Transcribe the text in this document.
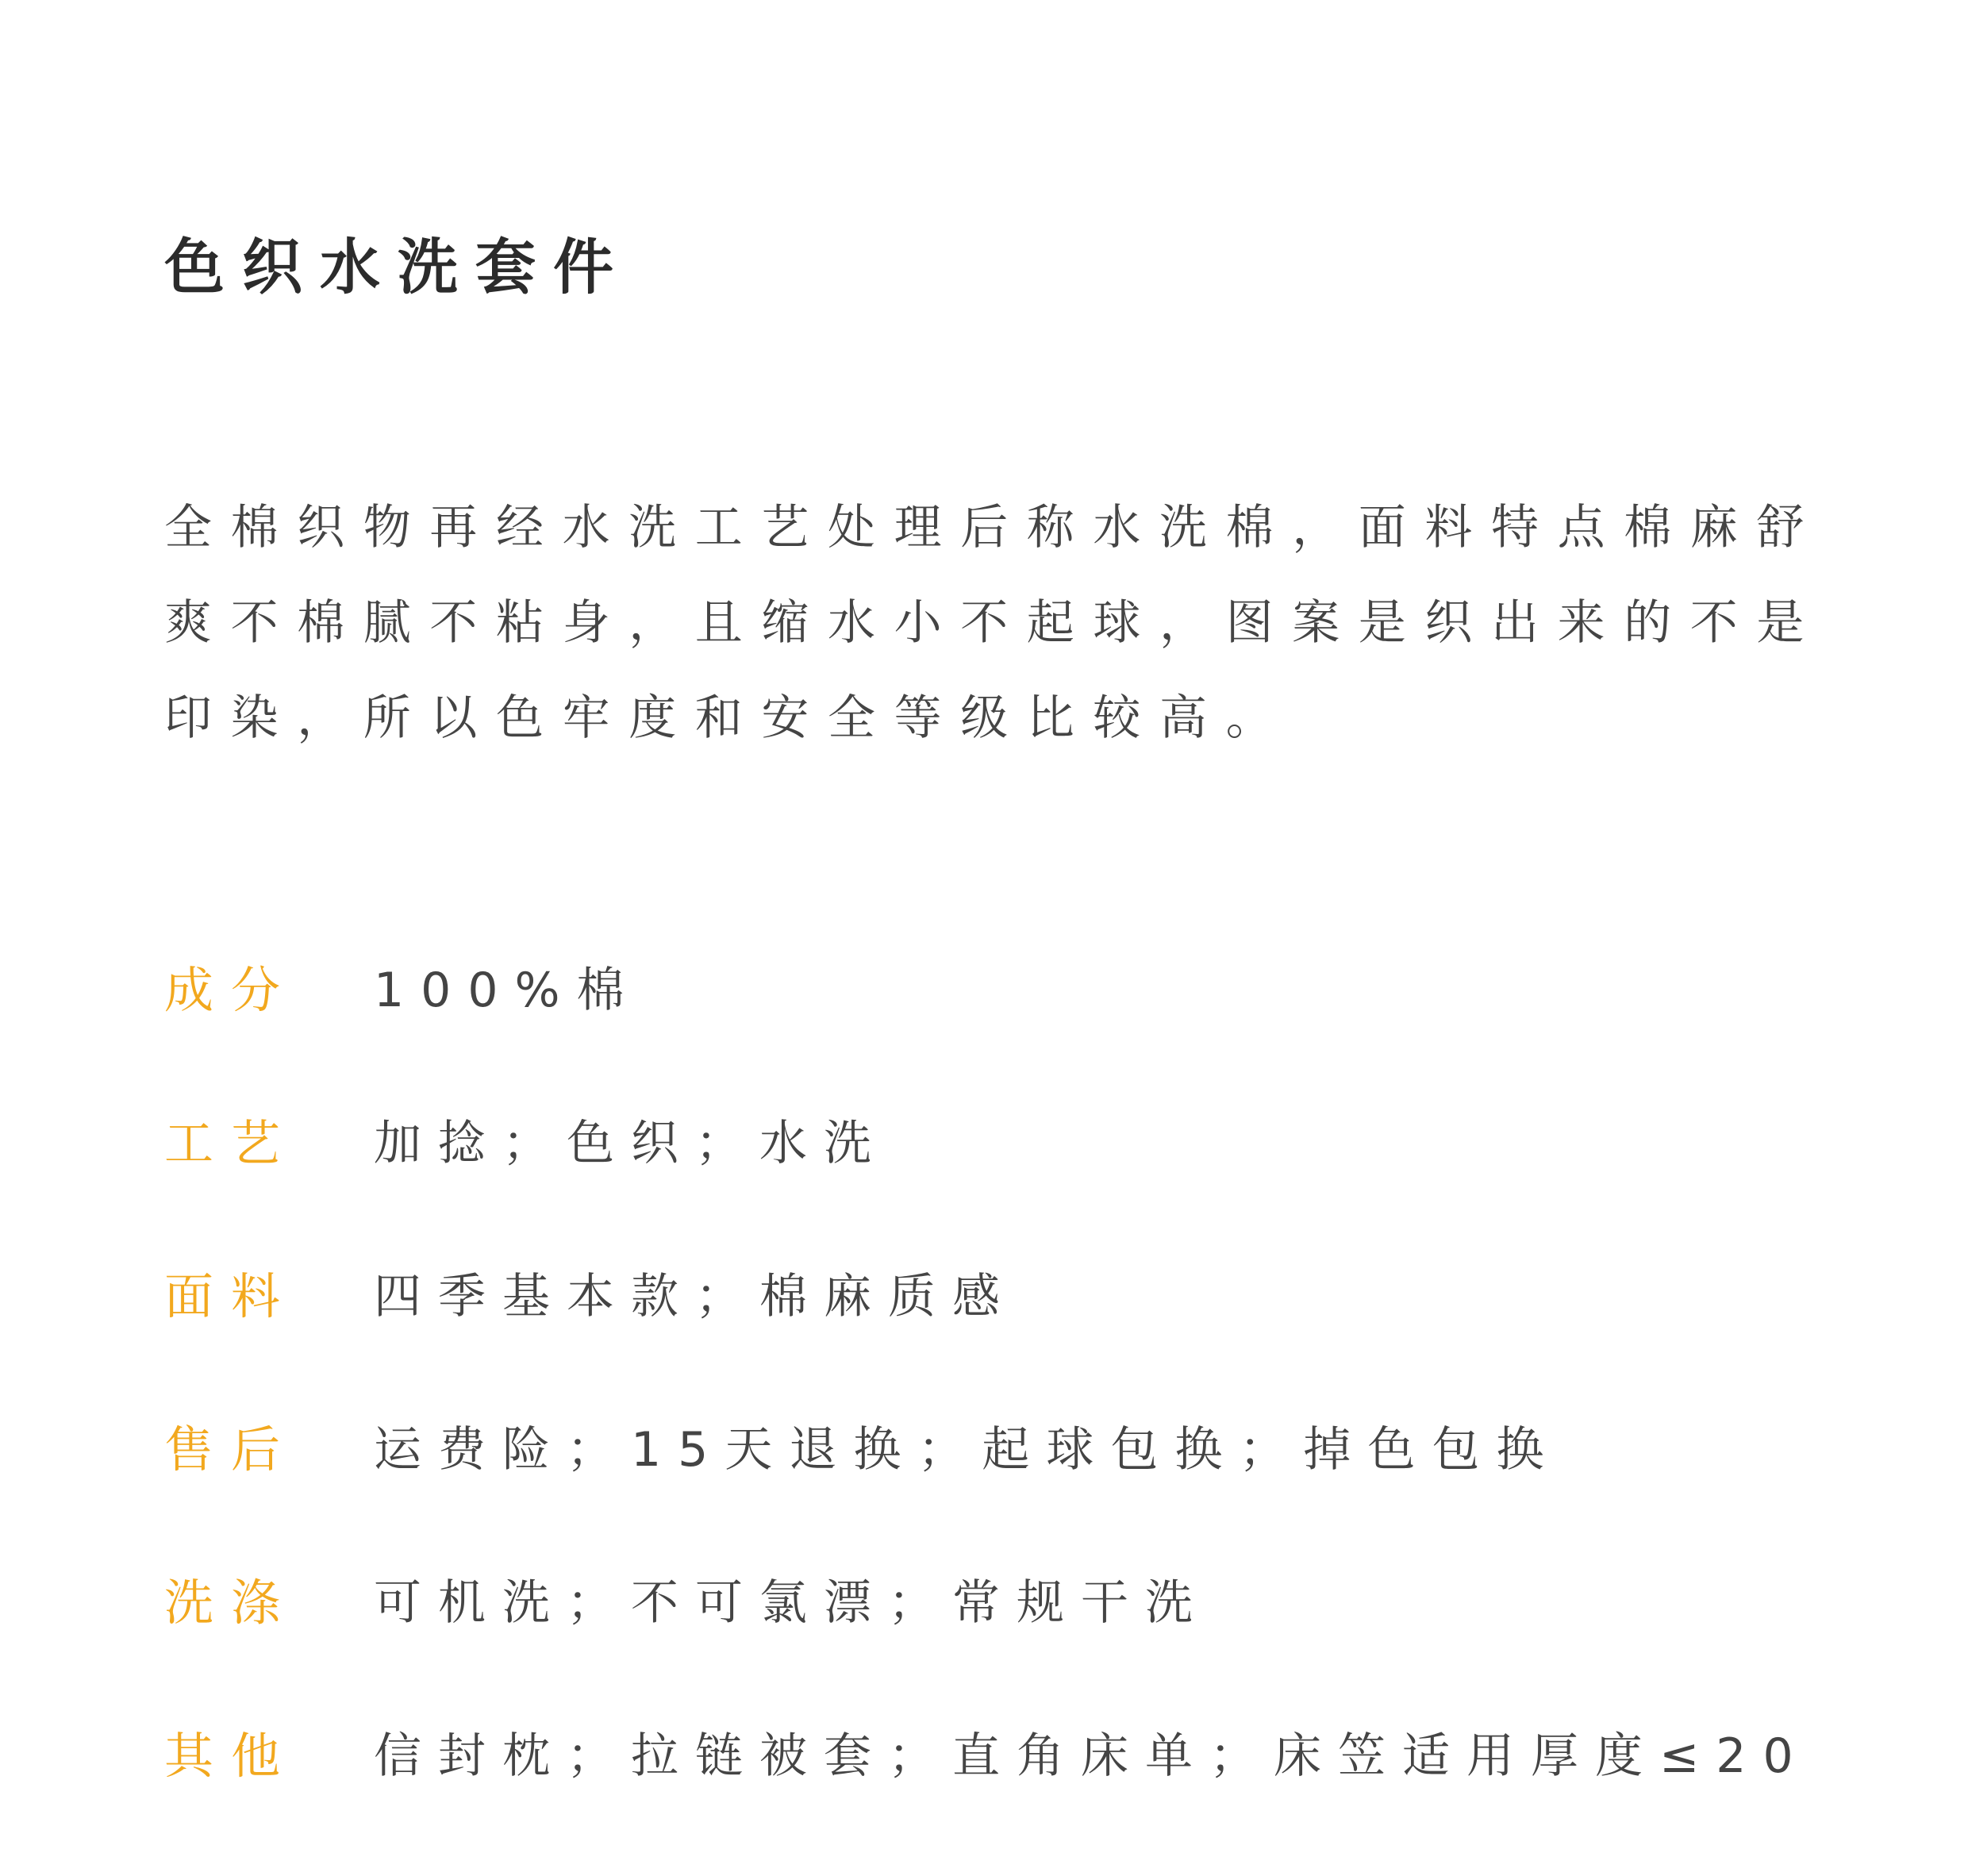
色织水洗套件

全棉织物再经水洗工艺处理后称水洗棉，面料特点棉麻舒爽不棉腻不粘身，且缩水小不起球，图案是织出来的不是印染，所以色牢度和安全等级比较高。

成分	100%棉
工艺	加捻；色织；水洗
面料	四季基本款；棉麻质感
售后	运费险；15天退换；起球包换；掉色包换
洗涤	可机洗；不可氯漂；常规干洗
其他	信封枕；拉链被套；直角床单；床笠适用厚度≤20
